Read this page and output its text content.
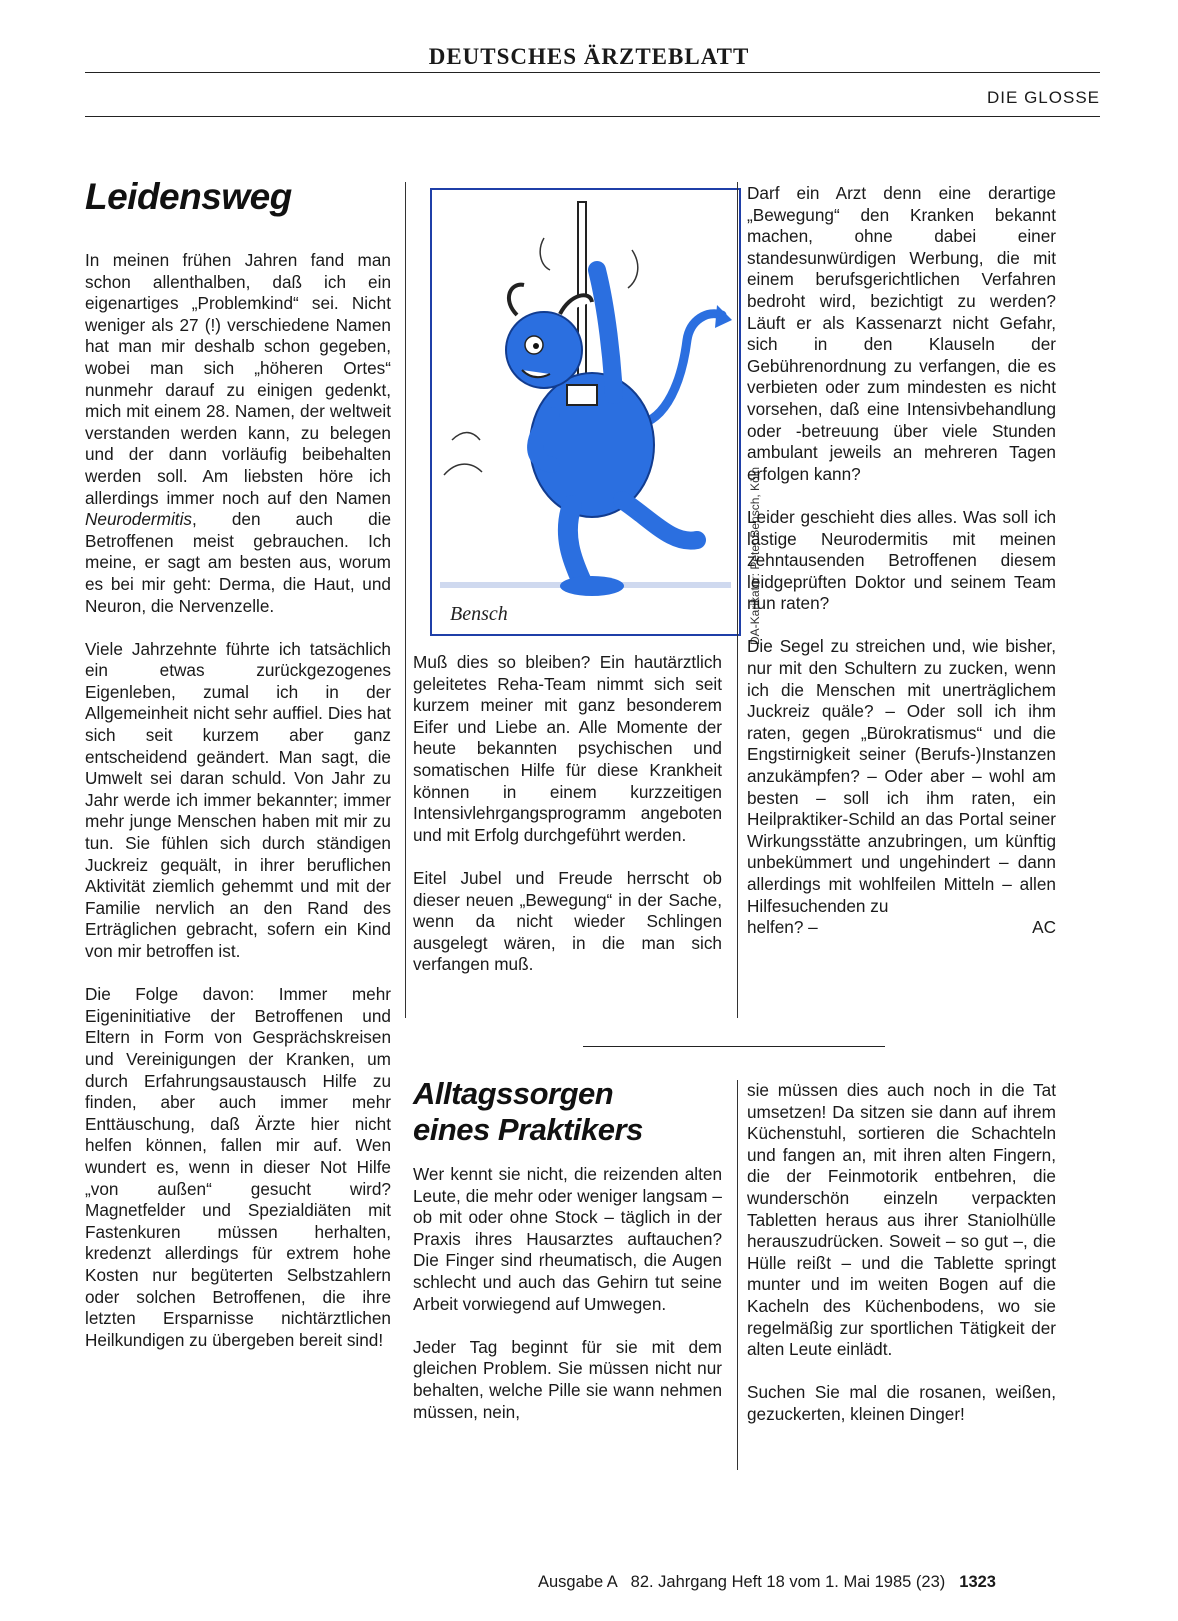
DEUTSCHES ÄRZTEBLATT
DIE GLOSSE
Leidensweg

In meinen frühen Jahren fand man schon allenthalben, daß ich ein eigenartiges „Problemkind“ sei. Nicht weniger als 27 (!) verschiedene Namen hat man mir deshalb schon gegeben, wobei man sich „höheren Ortes“ nunmehr darauf zu einigen gedenkt, mich mit einem 28. Namen, der weltweit verstanden werden kann, zu belegen und der dann vorläufig beibehalten werden soll. Am liebsten höre ich allerdings immer noch auf den Namen Neurodermitis, den auch die Betroffenen meist gebrauchen. Ich meine, er sagt am besten aus, worum es bei mir geht: Derma, die Haut, und Neuron, die Nervenzelle.

Viele Jahrzehnte führte ich tatsächlich ein etwas zurückgezogenes Eigenleben, zumal ich in der Allgemeinheit nicht sehr auffiel. Dies hat sich seit kurzem aber ganz entscheidend geändert. Man sagt, die Umwelt sei daran schuld. Von Jahr zu Jahr werde ich immer bekannter; immer mehr junge Menschen haben mit mir zu tun. Sie fühlen sich durch ständigen Juckreiz gequält, in ihrer beruflichen Aktivität ziemlich gehemmt und mit der Familie nervlich an den Rand des Erträglichen gebracht, sofern ein Kind von mir betroffen ist.

Die Folge davon: Immer mehr Eigeninitiative der Betroffenen und Eltern in Form von Gesprächskreisen und Vereinigungen der Kranken, um durch Erfahrungsaustausch Hilfe zu finden, aber auch immer mehr Enttäuschung, daß Ärzte hier nicht helfen können, fallen mir auf. Wen wundert es, wenn in dieser Not Hilfe „von außen“ gesucht wird? Magnetfelder und Spezialdiäten mit Fastenkuren müssen herhalten, kredenzt allerdings für extrem hohe Kosten nur begüterten Selbstzahlern oder solchen Betroffenen, die ihre letzten Ersparnisse nichtärztlichen Heilkundigen zu übergeben bereit sind!

Bensch	DA-Karikatur: Peter Bensch, Köln

Muß dies so bleiben? Ein hautärztlich geleitetes Reha-Team nimmt sich seit kurzem meiner mit ganz besonderem Eifer und Liebe an. Alle Momente der heute bekannten psychischen und somatischen Hilfe für diese Krankheit können in einem kurzzeitigen Intensivlehrgangsprogramm angeboten und mit Erfolg durchgeführt werden.

Eitel Jubel und Freude herrscht ob dieser neuen „Bewegung“ in der Sache, wenn da nicht wieder Schlingen ausgelegt wären, in die man sich verfangen muß.

Darf ein Arzt denn eine derartige „Bewegung“ den Kranken bekannt machen, ohne dabei einer standesunwürdigen Werbung, die mit einem berufsgerichtlichen Verfahren bedroht wird, bezichtigt zu werden? Läuft er als Kassenarzt nicht Gefahr, sich in den Klauseln der Gebührenordnung zu verfangen, die es verbieten oder zum mindesten es nicht vorsehen, daß eine Intensivbehandlung oder -betreuung über viele Stunden ambulant jeweils an mehreren Tagen erfolgen kann?

Leider geschieht dies alles. Was soll ich lästige Neurodermitis mit meinen zehntausenden Betroffenen diesem leidgeprüften Doktor und seinem Team nun raten?

Die Segel zu streichen und, wie bisher, nur mit den Schultern zu zucken, wenn ich die Menschen mit unerträglichem Juckreiz quäle? – Oder soll ich ihm raten, gegen „Bürokratismus“ und die Engstirnigkeit seiner (Berufs-)Instanzen anzukämpfen? – Oder aber – wohl am besten – soll ich ihm raten, ein Heilpraktiker-Schild an das Portal seiner Wirkungsstätte anzubringen, um künftig unbekümmert und ungehindert – dann allerdings mit wohlfeilen Mitteln – allen Hilfesuchenden zu

helfen? –	AC
Alltagssorgen
eines Praktikers

Wer kennt sie nicht, die reizenden alten Leute, die mehr oder weniger langsam – ob mit oder ohne Stock – täglich in der Praxis ihres Hausarztes auftauchen? Die Finger sind rheumatisch, die Augen schlecht und auch das Gehirn tut seine Arbeit vorwiegend auf Umwegen.

Jeder Tag beginnt für sie mit dem gleichen Problem. Sie müssen nicht nur behalten, welche Pille sie wann nehmen müssen, nein,

sie müssen dies auch noch in die Tat umsetzen! Da sitzen sie dann auf ihrem Küchenstuhl, sortieren die Schachteln und fangen an, mit ihren alten Fingern, die der Feinmotorik entbehren, die wunderschön einzeln verpackten Tabletten heraus aus ihrer Staniolhülle herauszudrücken. Soweit – so gut –, die Hülle reißt – und die Tablette springt munter und im weiten Bogen auf die Kacheln des Küchenbodens, wo sie regelmäßig zur sportlichen Tätigkeit der alten Leute einlädt.

Suchen Sie mal die rosanen, weißen, gezuckerten, kleinen Dinger!

Ausgabe A   82. Jahrgang Heft 18 vom 1. Mai 1985 (23) 1323
